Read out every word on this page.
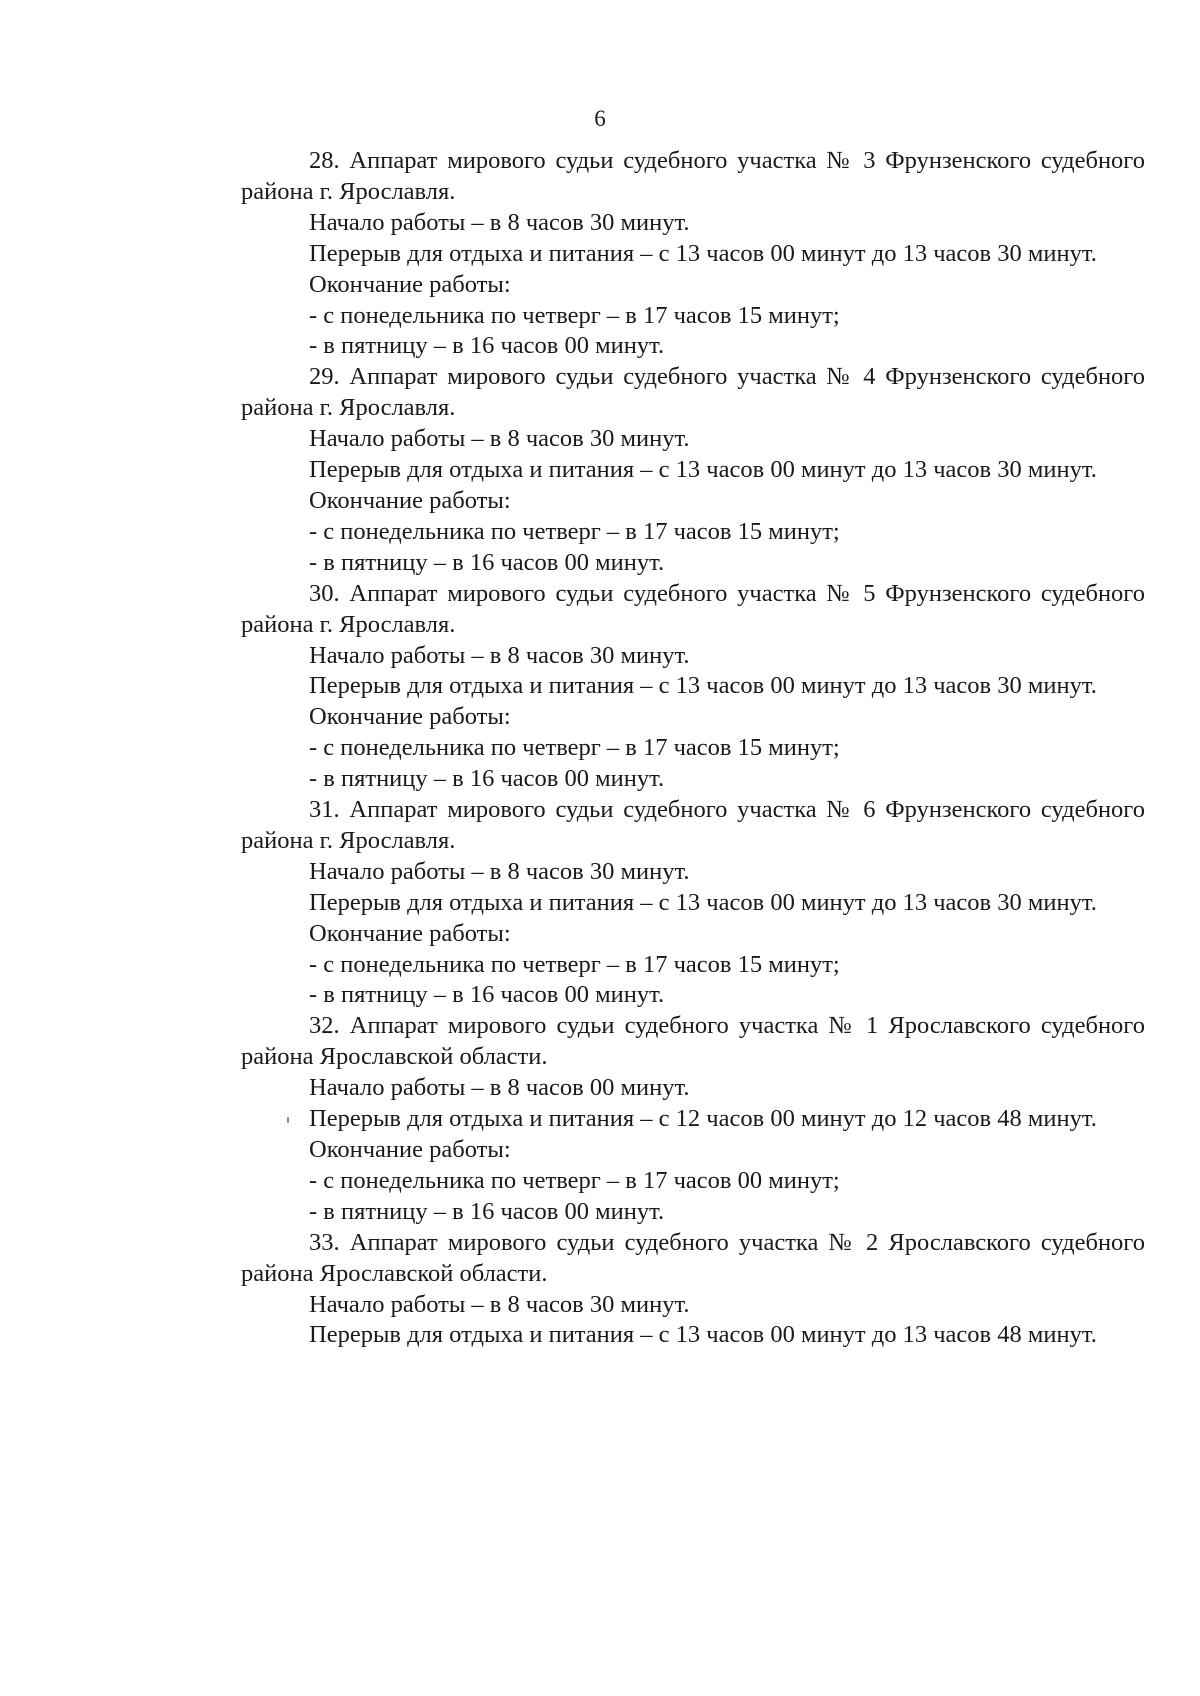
6

28. Аппарат мирового судьи судебного участка № 3 Фрунзенского судебного района г. Ярославля.

Начало работы – в 8 часов 30 минут.

Перерыв для отдыха и питания – с 13 часов 00 минут до 13 часов 30 минут.

Окончание работы:

- с понедельника по четверг – в 17 часов 15 минут;

- в пятницу – в 16 часов 00 минут.

29. Аппарат мирового судьи судебного участка № 4 Фрунзенского судебного района г. Ярославля.

Начало работы – в 8 часов 30 минут.

Перерыв для отдыха и питания – с 13 часов 00 минут до 13 часов 30 минут.

Окончание работы:

- с понедельника по четверг – в 17 часов 15 минут;

- в пятницу – в 16 часов 00 минут.

30. Аппарат мирового судьи судебного участка № 5 Фрунзенского судебного района г. Ярославля.

Начало работы – в 8 часов 30 минут.

Перерыв для отдыха и питания – с 13 часов 00 минут до 13 часов 30 минут.

Окончание работы:

- с понедельника по четверг – в 17 часов 15 минут;

- в пятницу – в 16 часов 00 минут.

31. Аппарат мирового судьи судебного участка № 6 Фрунзенского судебного района г. Ярославля.

Начало работы – в 8 часов 30 минут.

Перерыв для отдыха и питания – с 13 часов 00 минут до 13 часов 30 минут.

Окончание работы:

- с понедельника по четверг – в 17 часов 15 минут;

- в пятницу – в 16 часов 00 минут.

32. Аппарат мирового судьи судебного участка № 1 Ярославского судебного района Ярославской области.

Начало работы – в 8 часов 00 минут.

Перерыв для отдыха и питания – с 12 часов 00 минут до 12 часов 48 минут.

Окончание работы:

- с понедельника по четверг – в 17 часов 00 минут;

- в пятницу – в 16 часов 00 минут.

33. Аппарат мирового судьи судебного участка № 2 Ярославского судебного района Ярославской области.

Начало работы – в 8 часов 30 минут.

Перерыв для отдыха и питания – с 13 часов 00 минут до 13 часов 48 минут.
